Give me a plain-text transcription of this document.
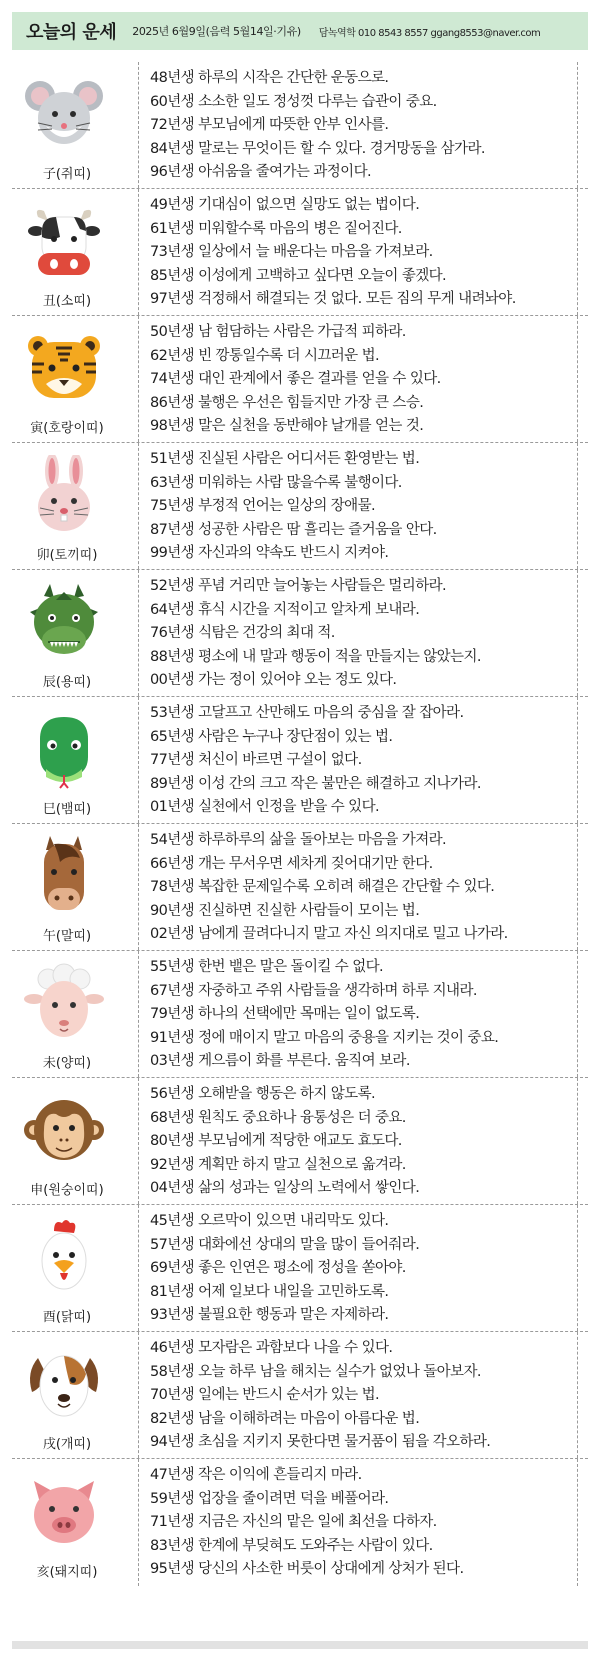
오늘의 운세 2025년 6월9일(음력 5월14일·기유) 담녹역학 010 8543 8557 ggang8553@naver.com
子(쥐띠)
48년생 하루의 시작은 간단한 운동으로.
60년생 소소한 일도 정성껏 다루는 습관이 중요.
72년생 부모님에게 따뜻한 안부 인사를.
84년생 말로는 무엇이든 할 수 있다. 경거망동을 삼가라.
96년생 아쉬움을 줄여가는 과정이다.
丑(소띠)
49년생 기대심이 없으면 실망도 없는 법이다.
61년생 미워할수록 마음의 병은 짙어진다.
73년생 일상에서 늘 배운다는 마음을 가져보라.
85년생 이성에게 고백하고 싶다면 오늘이 좋겠다.
97년생 걱정해서 해결되는 것 없다. 모든 짐의 무게 내려놔야.
寅(호랑이띠)
50년생 남 험담하는 사람은 가급적 피하라.
62년생 빈 깡통일수록 더 시끄러운 법.
74년생 대인 관계에서 좋은 결과를 얻을 수 있다.
86년생 불행은 우선은 힘들지만 가장 큰 스승.
98년생 말은 실천을 동반해야 날개를 얻는 것.
卯(토끼띠)
51년생 진실된 사람은 어디서든 환영받는 법.
63년생 미워하는 사람 많을수록 불행이다.
75년생 부정적 언어는 일상의 장애물.
87년생 성공한 사람은 땀 흘리는 즐거움을 안다.
99년생 자신과의 약속도 반드시 지켜야.
辰(용띠)
52년생 푸념 거리만 늘어놓는 사람들은 멀리하라.
64년생 휴식 시간을 지적이고 알차게 보내라.
76년생 식탐은 건강의 최대 적.
88년생 평소에 내 말과 행동이 적을 만들지는 않았는지.
00년생 가는 정이 있어야 오는 정도 있다.
巳(뱀띠)
53년생 고달프고 산만해도 마음의 중심을 잘 잡아라.
65년생 사람은 누구나 장단점이 있는 법.
77년생 처신이 바르면 구설이 없다.
89년생 이성 간의 크고 작은 불만은 해결하고 지나가라.
01년생 실천에서 인정을 받을 수 있다.
午(말띠)
54년생 하루하루의 삶을 돌아보는 마음을 가져라.
66년생 개는 무서우면 세차게 짖어대기만 한다.
78년생 복잡한 문제일수록 오히려 해결은 간단할 수 있다.
90년생 진실하면 진실한 사람들이 모이는 법.
02년생 남에게 끌려다니지 말고 자신 의지대로 밀고 나가라.
未(양띠)
55년생 한번 뱉은 말은 돌이킬 수 없다.
67년생 자중하고 주위 사람들을 생각하며 하루 지내라.
79년생 하나의 선택에만 목매는 일이 없도록.
91년생 정에 매이지 말고 마음의 중용을 지키는 것이 중요.
03년생 게으름이 화를 부른다. 움직여 보라.
申(원숭이띠)
56년생 오해받을 행동은 하지 않도록.
68년생 원칙도 중요하나 융통성은 더 중요.
80년생 부모님에게 적당한 애교도 효도다.
92년생 계획만 하지 말고 실천으로 옮겨라.
04년생 삶의 성과는 일상의 노력에서 쌓인다.
酉(닭띠)
45년생 오르막이 있으면 내리막도 있다.
57년생 대화에선 상대의 말을 많이 들어줘라.
69년생 좋은 인연은 평소에 정성을 쏟아야.
81년생 어제 일보다 내일을 고민하도록.
93년생 불필요한 행동과 말은 자제하라.
戌(개띠)
46년생 모자람은 과함보다 나을 수 있다.
58년생 오늘 하루 남을 해치는 실수가 없었나 돌아보자.
70년생 일에는 반드시 순서가 있는 법.
82년생 남을 이해하려는 마음이 아름다운 법.
94년생 초심을 지키지 못한다면 물거품이 됨을 각오하라.
亥(돼지띠)
47년생 작은 이익에 흔들리지 마라.
59년생 업장을 줄이려면 덕을 베풀어라.
71년생 지금은 자신의 맡은 일에 최선을 다하자.
83년생 한계에 부딪혀도 도와주는 사람이 있다.
95년생 당신의 사소한 버릇이 상대에게 상처가 된다.
